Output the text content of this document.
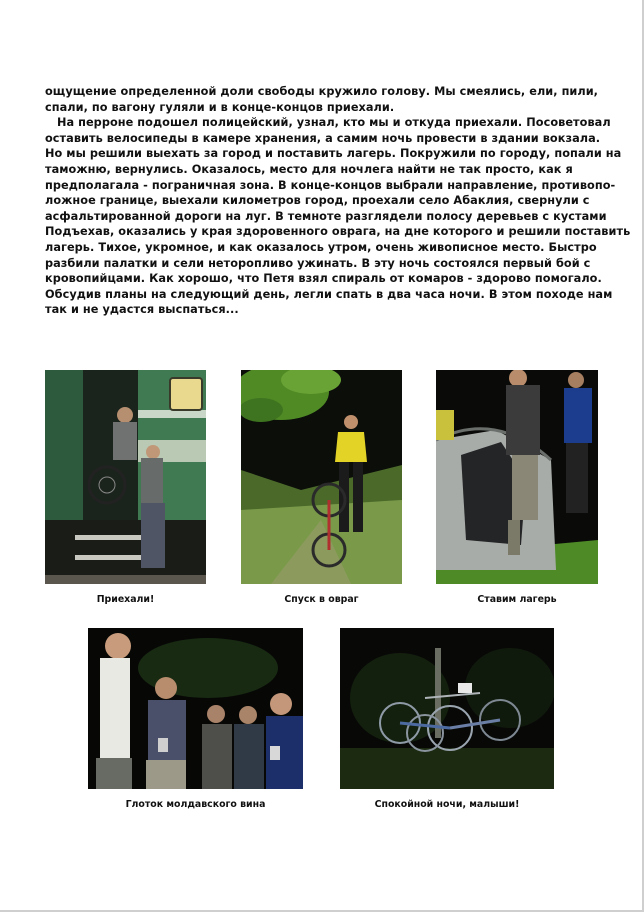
ощущение определенной доли свободы кружило голову. Мы смеялись, ели, пили,
спали, по вагону гуляли и в конце-концов приехали.
На перроне подошел полицейский, узнал, кто мы и откуда приехали. Посоветовал
оставить велосипеды в камере хранения, а самим ночь провести в здании вокзала.
Но мы решили выехать за город и поставить лагерь. Покружили по городу, попали на
таможню, вернулись. Оказалось, место для ночлега найти не так просто, как я
предполагала - пограничная зона. В конце-концов выбрали направление, противопо-
ложное границе, выехали километров город, проехали село Абаклия, свернули с
асфальтированной дороги на луг. В темноте разглядели полосу деревьев с кустами
Подъехав, оказались у края здоровенного оврага, на дне которого и решили поставить
лагерь. Тихое, укромное, и как оказалось утром, очень живописное место. Быстро
разбили палатки и сели неторопливо ужинать. В эту ночь состоялся первый бой с
кровопийцами. Как хорошо, что Петя взял спираль от комаров - здорово помогало.
Обсудив планы на следующий день, легли спать в два часа ночи. В этом походе нам
так и не удастся выспаться...
Приехали!	Спуск в овраг	Ставим лагерь
Глоток молдавского вина	Спокойной ночи, малыши!
